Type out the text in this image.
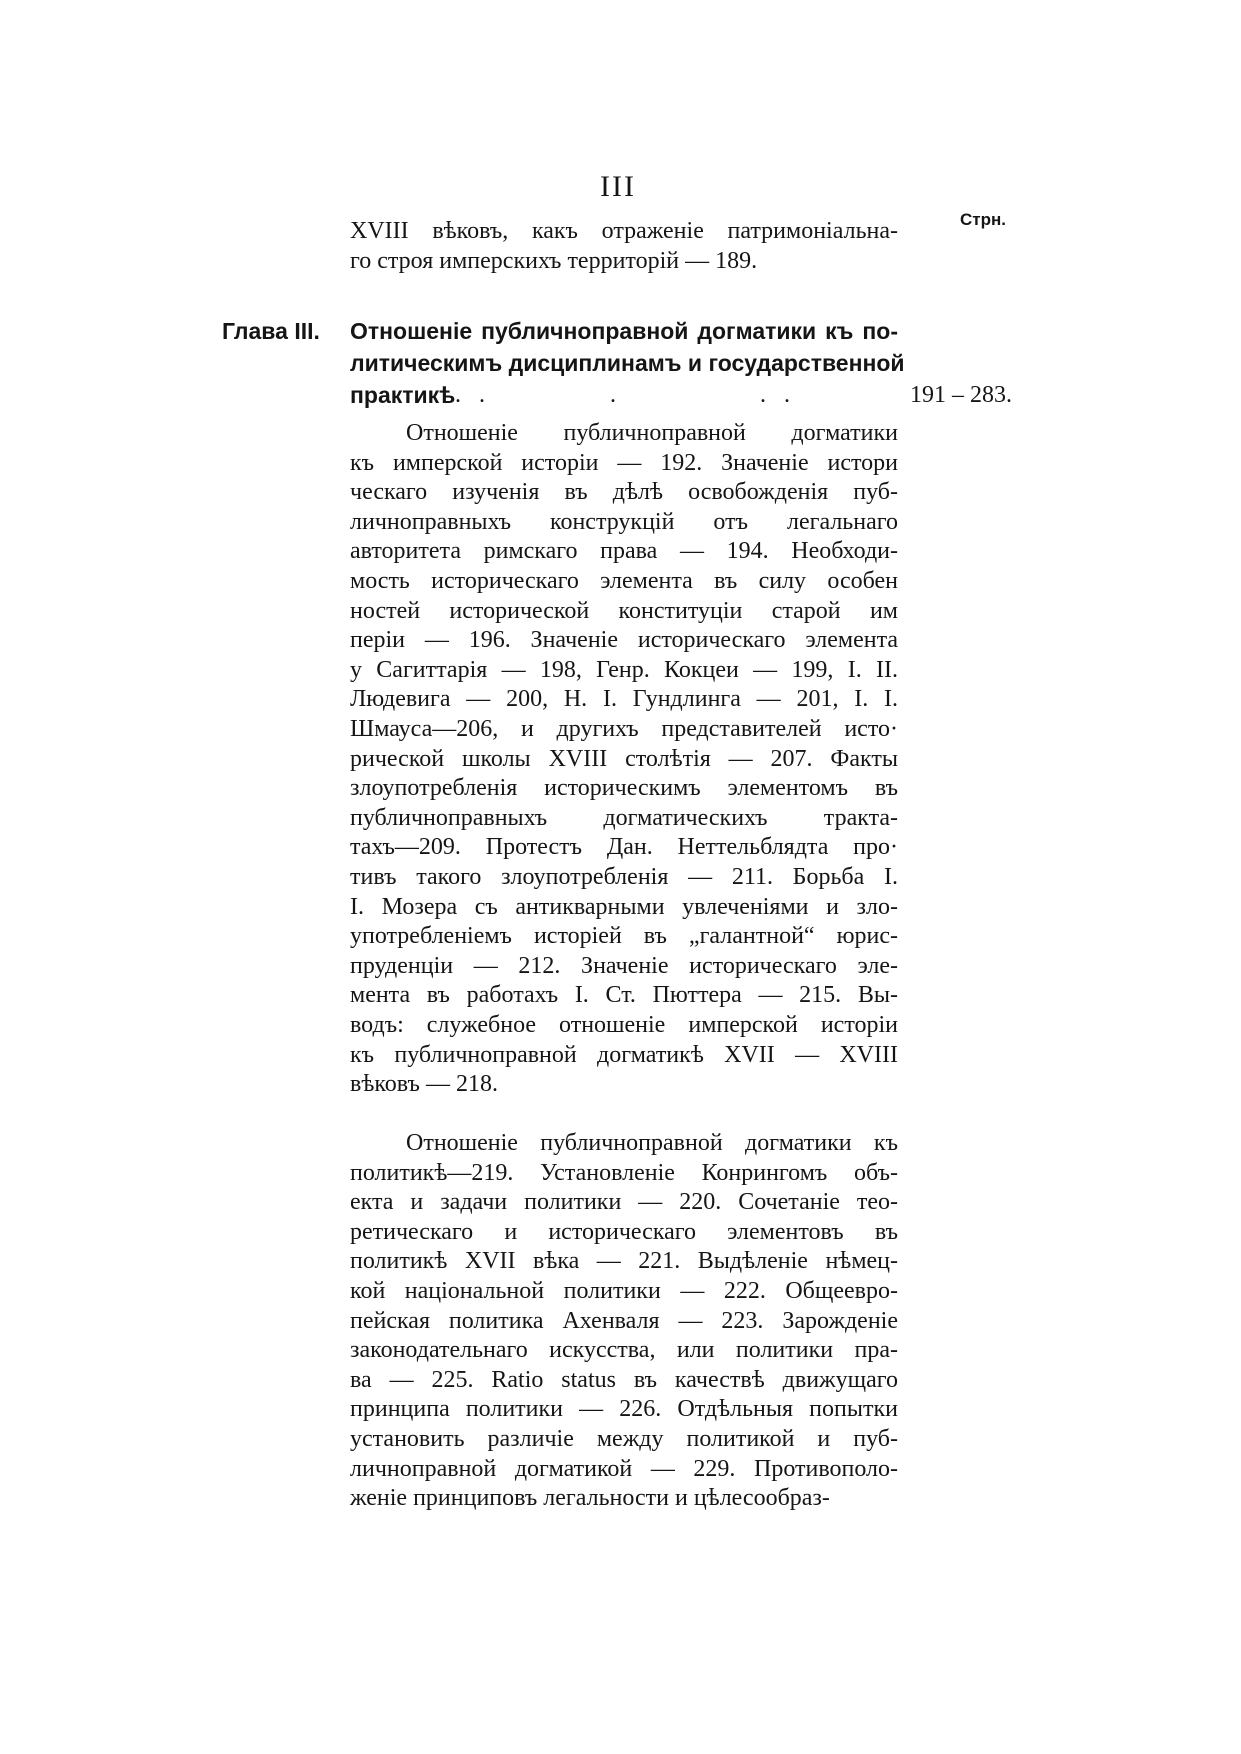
III
Стрн.
XVIII вѣковъ, какъ отраженіе патримоніальна-
го строя имперскихъ территорій — 189.
Глава III. Отношеніе публичноправной догматики къ по-
литическимъ дисциплинамъ и государственной
практикѣ . .	.	. .	191 – 283.
Отношеніе публичноправной догматики
къ имперской исторіи — 192. Значеніе истори
ческаго изученія въ дѣлѣ освобожденія пуб-
личноправныхъ конструкцій отъ легальнаго
авторитета римскаго права — 194. Необходи-
мость историческаго элемента въ силу особен
ностей исторической конституціи старой им
періи — 196. Значеніе историческаго элемента
у Сагиттарія — 198, Генр. Кокцеи — 199, I. II.
Людевига — 200, Н. I. Гундлинга — 201, I. I.
Шмауса—206, и другихъ представителей исто·
рической школы XVIII столѣтія — 207. Факты
злоупотребленія историческимъ элементомъ въ
публичноправныхъ догматическихъ тракта-
тахъ—209. Протестъ Дан. Неттельблядта про·
тивъ такого злоупотребленія — 211. Борьба I.
I. Мозера съ антикварными увлеченіями и зло-
употребленіемъ исторіей въ „галантной“ юрис-
пруденціи — 212. Значеніе историческаго эле-
мента въ работахъ I. Ст. Пюттера — 215. Вы-
водъ: служебное отношеніе имперской исторіи
къ публичноправной догматикѣ XVII — XVIII
вѣковъ — 218.
Отношеніе публичноправной догматики къ
политикѣ—219. Установленіе Конрингомъ объ-
екта и задачи политики — 220. Сочетаніе тео-
ретическаго и историческаго элементовъ въ
политикѣ XVII вѣка — 221. Выдѣленіе нѣмец-
кой національной политики — 222. Общеевро-
пейская политика Ахенваля — 223. Зарожденіе
законодательнаго искусства, или политики пра-
ва — 225. Ratio status въ качествѣ движущаго
принципа политики — 226. Отдѣльныя попытки
установить различіе между политикой и пуб-
личноправной догматикой — 229. Противополо-
женіе принциповъ легальности и цѣлесообраз-
